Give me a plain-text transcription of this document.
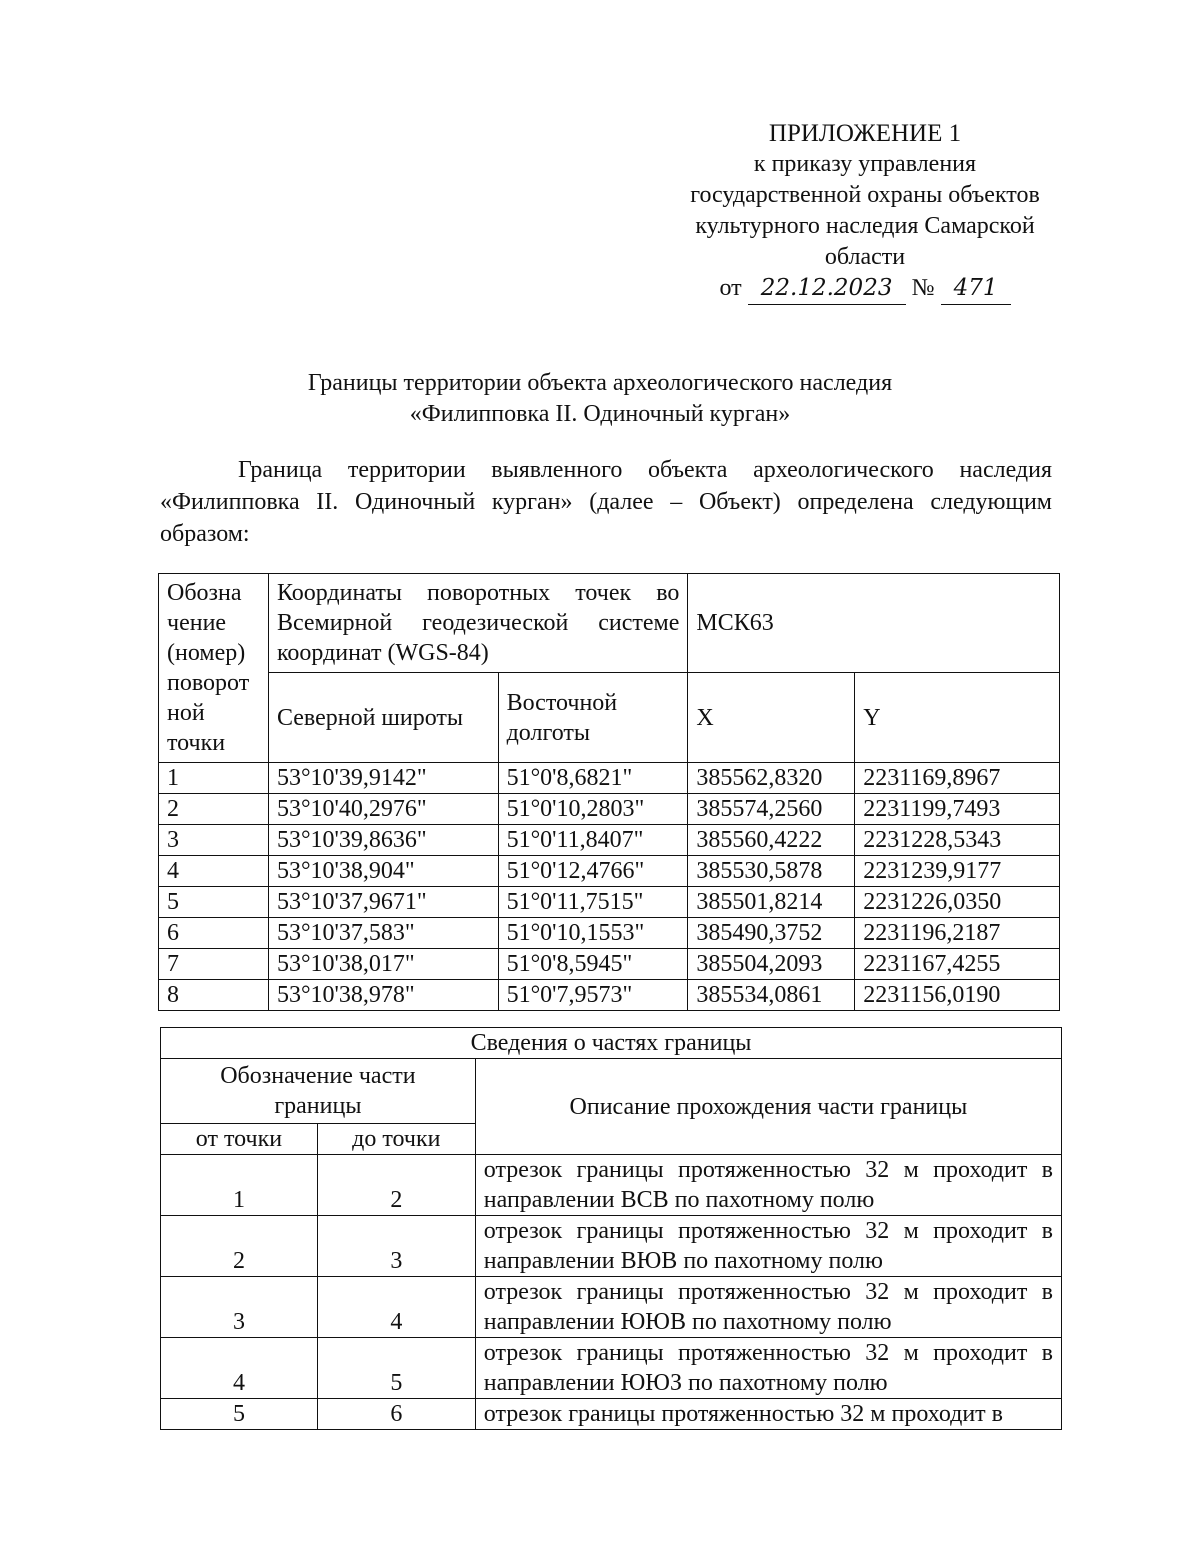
ПРИЛОЖЕНИЕ 1
к приказу управления
государственной охраны объектов
культурного наследия Самарской
области
от 22.12.2023 № 471
Границы территории объекта археологического наследия
«Филипповка II. Одиночный курган»
Граница территории выявленного объекта археологического наследия «Филипповка II. Одиночный курган» (далее – Объект) определена следующим образом:
Обозна чение (номер) поворот ной точки	Координаты поворотных точек во Всемирной геодезической системе координат (WGS-84)		МСК63	
	Северной широты	Восточной долготы	X	Y
1	53°10'39,9142"	51°0'8,6821"	385562,8320	2231169,8967
2	53°10'40,2976"	51°0'10,2803"	385574,2560	2231199,7493
3	53°10'39,8636"	51°0'11,8407"	385560,4222	2231228,5343
4	53°10'38,904"	51°0'12,4766"	385530,5878	2231239,9177
5	53°10'37,9671"	51°0'11,7515"	385501,8214	2231226,0350
6	53°10'37,583"	51°0'10,1553"	385490,3752	2231196,2187
7	53°10'38,017"	51°0'8,5945"	385504,2093	2231167,4255
8	53°10'38,978"	51°0'7,9573"	385534,0861	2231156,0190
Сведения о частях границы		
Обозначение части границы		Описание прохождения части границы
от точки	до точки	
1	2	отрезок границы протяженностью 32 м проходит в направлении ВСВ по пахотному полю
2	3	отрезок границы протяженностью 32 м проходит в направлении ВЮВ по пахотному полю
3	4	отрезок границы протяженностью 32 м проходит в направлении ЮЮВ по пахотному полю
4	5	отрезок границы протяженностью 32 м проходит в направлении ЮЮЗ по пахотному полю
5	6	отрезок границы протяженностью 32 м проходит в
